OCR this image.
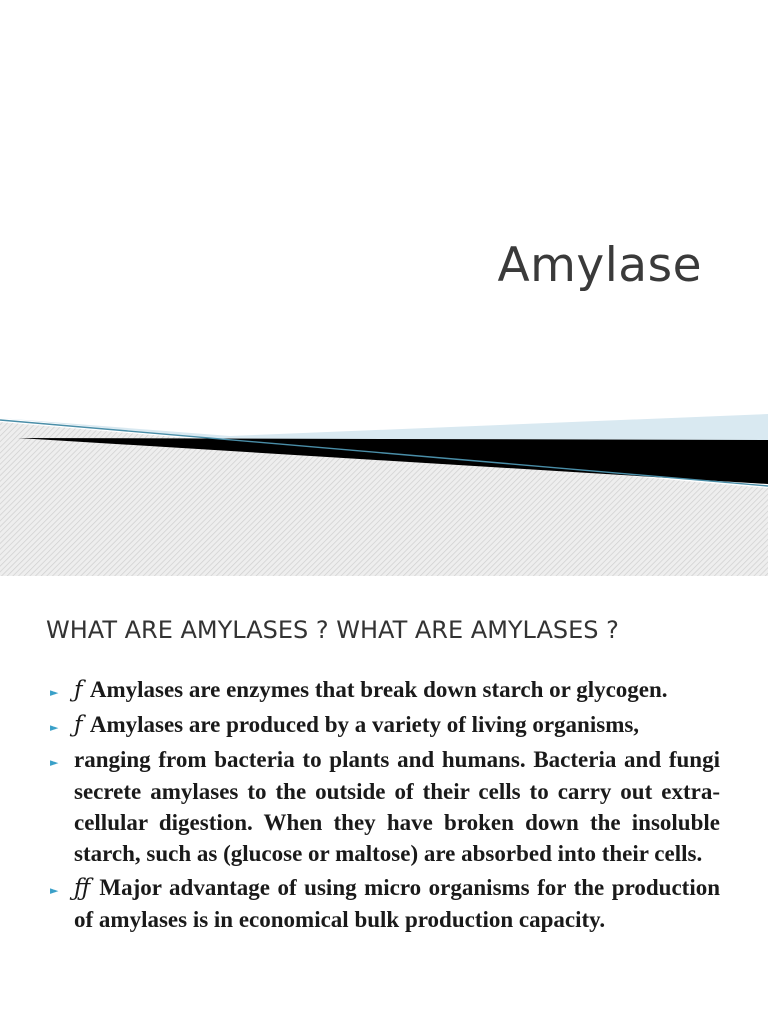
Amylase
WHAT ARE AMYLASES ? WHAT ARE AMYLASES ?
► ƒ Amylases are enzymes that break down starch or glycogen.
► ƒ Amylases are produced by a variety of living organisms,
► ranging from bacteria to plants and humans. Bacteria and fungi secrete amylases to the outside of their cells to carry out extra-cellular digestion. When they have broken down the insoluble starch, such as (glucose or maltose) are absorbed into their cells.
► ƒƒ Major advantage of using micro organisms for the production of amylases is in economical bulk production capacity.
